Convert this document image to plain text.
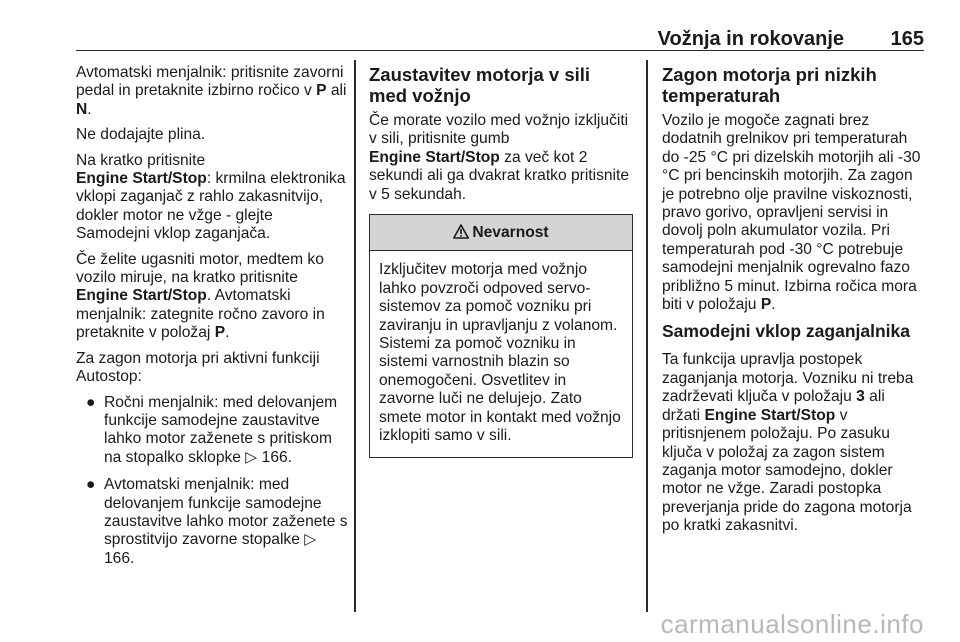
Vožnja in rokovanje 165

Avtomatski menjalnik: pritisnite zavorni pedal in pretaknite izbirno ročico v P ali N.

Ne dodajajte plina.

Na kratko pritisnite
Engine Start/Stop: krmilna elektronika vklopi zaganjač z rahlo zakasnitvijo, dokler motor ne vžge - glejte Samodejni vklop zaganjača.

Če želite ugasniti motor, medtem ko vozilo miruje, na kratko pritisnite
Engine Start/Stop. Avtomatski menjalnik: zategnite ročno zavoro in pretaknite v položaj P.

Za zagon motorja pri aktivni funkciji Autostop:

● Ročni menjalnik: med delovanjem funkcije samodejne zaustavitve lahko motor zaženete s pritiskom na stopalko sklopke ▷ 166.
● Avtomatski menjalnik: med delovanjem funkcije samodejne zaustavitve lahko motor zaženete s sprostitvijo zavorne stopalke ▷ 166.
Zaustavitev motorja v sili med vožnjo

Če morate vozilo med vožnjo izključiti v sili, pritisnite gumb
Engine Start/Stop za več kot 2 sekundi ali ga dvakrat kratko pritisnite v 5 sekundah.

Nevarnost
Izključitev motorja med vožnjo lahko povzroči odpoved servo-sistemov za pomoč vozniku pri zaviranju in upravljanju z volanom. Sistemi za pomoč vozniku in sistemi varnostnih blazin so onemogočeni. Osvetlitev in zavorne luči ne delujejo. Zato smete motor in kontakt med vožnjo izklopiti samo v sili.
Zagon motorja pri nizkih temperaturah

Vozilo je mogoče zagnati brez dodatnih grelnikov pri temperaturah do -25 °C pri dizelskih motorjih ali -30 °C pri bencinskih motorjih. Za zagon je potrebno olje pravilne viskoznosti, pravo gorivo, opravljeni servisi in dovolj poln akumulator vozila. Pri temperaturah pod -30 °C potrebuje samodejni menjalnik ogrevalno fazo približno 5 minut. Izbirna ročica mora biti v položaju P.

Samodejni vklop zaganjalnika

Ta funkcija upravlja postopek zaganjanja motorja. Vozniku ni treba zadrževati ključa v položaju 3 ali držati Engine Start/Stop v pritisnjenem položaju. Po zasuku ključa v položaj za zagon sistem zaganja motor samodejno, dokler motor ne vžge. Zaradi postopka preverjanja pride do zagona motorja po kratki zakasnitvi.

carmanualsonline.info
